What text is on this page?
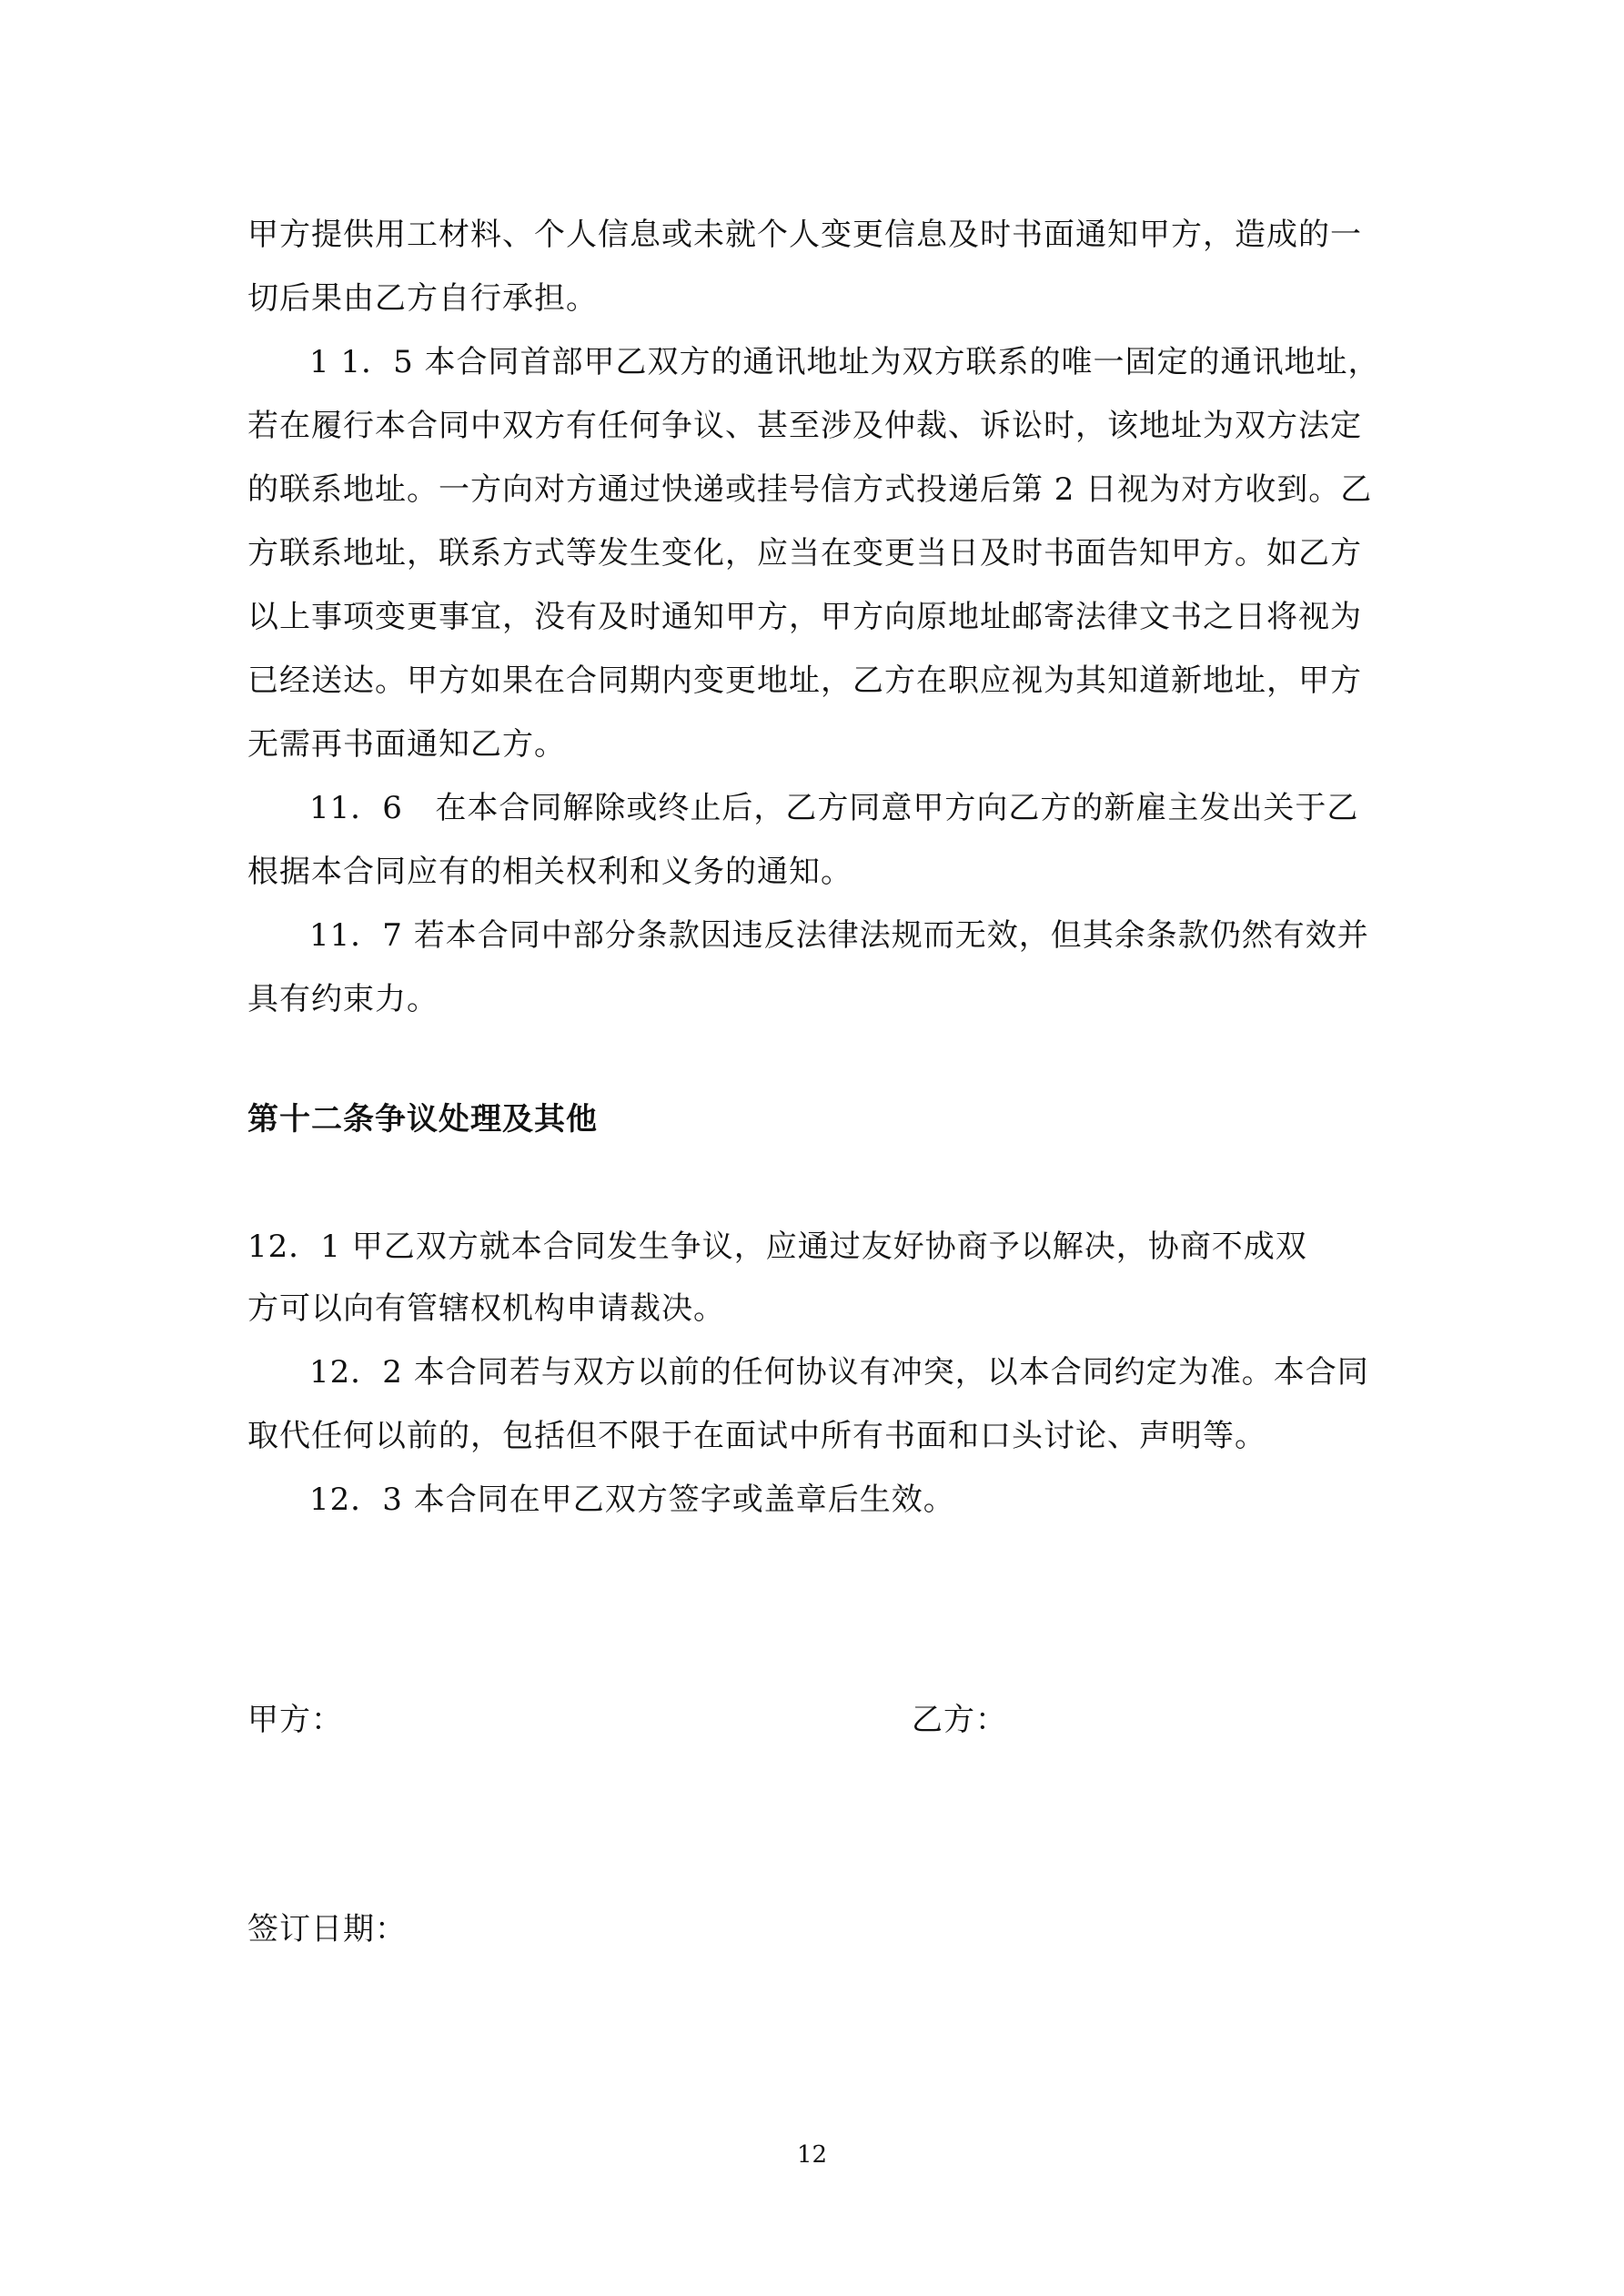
甲方提供用工材料、个人信息或未就个人变更信息及时书面通知甲方，造成的一
切后果由乙方自行承担。
1 1．5 本合同首部甲乙双方的通讯地址为双方联系的唯一固定的通讯地址，
若在履行本合同中双方有任何争议、甚至涉及仲裁、诉讼时，该地址为双方法定
的联系地址。一方向对方通过快递或挂号信方式投递后第 2 日视为对方收到。乙
方联系地址，联系方式等发生变化，应当在变更当日及时书面告知甲方。如乙方
以上事项变更事宜，没有及时通知甲方，甲方向原地址邮寄法律文书之日将视为
已经送达。甲方如果在合同期内变更地址，乙方在职应视为其知道新地址，甲方
无需再书面通知乙方。
11．6   在本合同解除或终止后，乙方同意甲方向乙方的新雇主发出关于乙
根据本合同应有的相关权利和义务的通知。
11．7 若本合同中部分条款因违反法律法规而无效，但其余条款仍然有效并
具有约束力。
第十二条争议处理及其他
12．1 甲乙双方就本合同发生争议，应通过友好协商予以解决，协商不成双
方可以向有管辖权机构申请裁决。
12．2 本合同若与双方以前的任何协议有冲突，以本合同约定为准。本合同
取代任何以前的，包括但不限于在面试中所有书面和口头讨论、声明等。
12．3 本合同在甲乙双方签字或盖章后生效。
甲方：	乙方：
签订日期：
12
